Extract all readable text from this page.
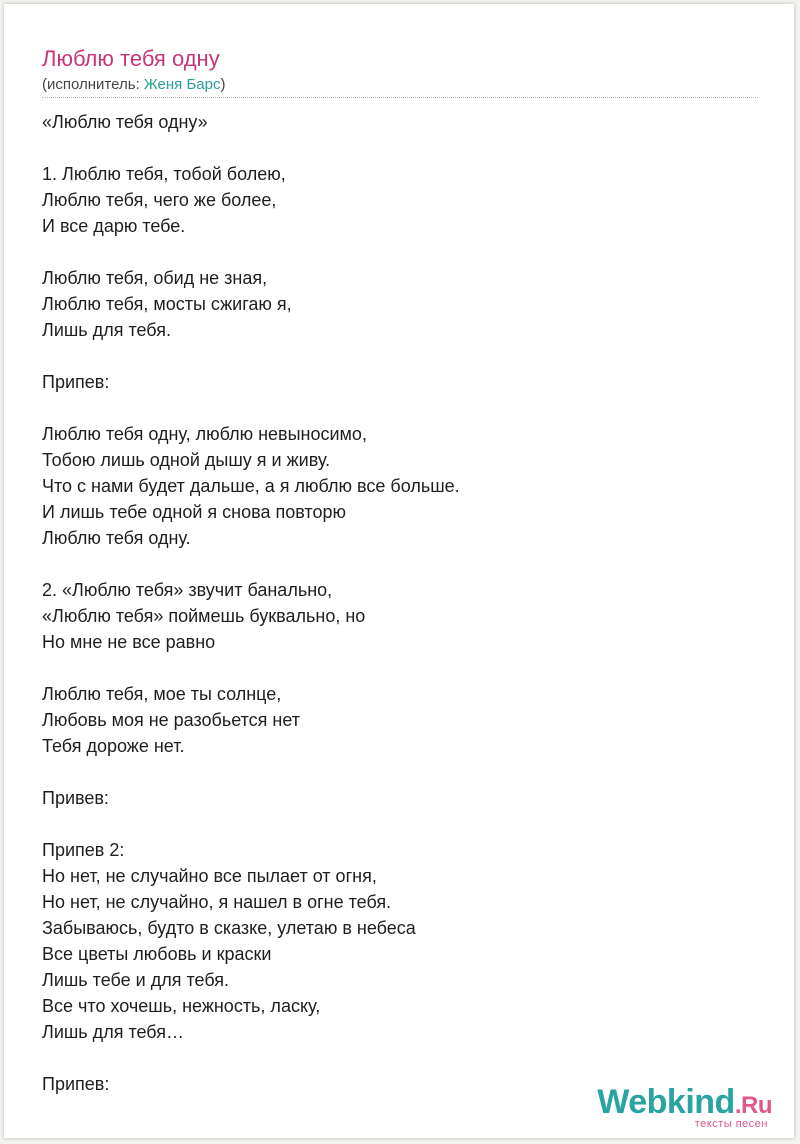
Люблю тебя одну
(исполнитель: Женя Барс)
«Люблю тебя одну»
1. Люблю тебя, тобой болею,
Люблю тебя, чего же более,
И все дарю тебе.
Люблю тебя, обид не зная,
Люблю тебя, мосты сжигаю я,
Лишь для тебя.
Припев:
Люблю тебя одну, люблю невыносимо,
Тобою лишь одной дышу я и живу.
Что с нами будет дальше, а я люблю все больше.
И лишь тебе одной я снова повторю
Люблю тебя одну.
2. «Люблю тебя» звучит банально,
«Люблю тебя» поймешь буквально, но
Но мне не все равно
Люблю тебя, мое ты солнце,
Любовь моя не разобьется нет
Тебя дороже нет.
Привев:
Припев 2:
Но нет, не случайно все пылает от огня,
Но нет, не случайно, я нашел в огне тебя.
Забываюсь, будто в сказке, улетаю в небеса
Все цветы любовь и краски
Лишь тебе и для тебя.
Все что хочешь, нежность, ласку,
Лишь для тебя…
Припев:	Webkind.Ru
тексты песен
